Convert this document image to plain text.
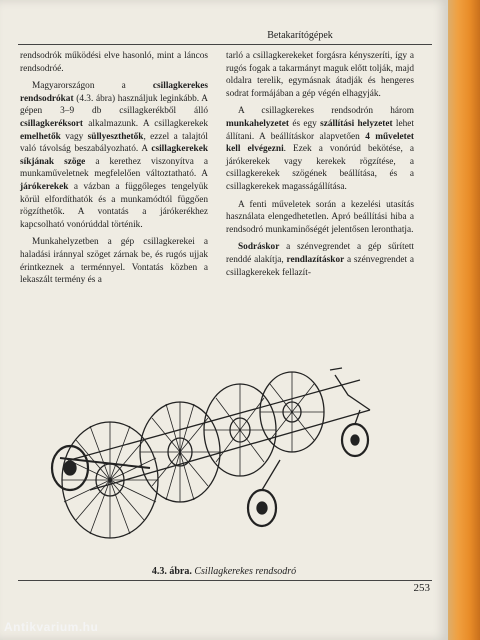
Betakarítógépek

rendsodrók működési elve hasonló, mint a láncos rendsodróé.

Magyarországon a csillagkerekes rendsodrókat (4.3. ábra) használjuk leginkább. A gépen 3–9 db csillagkerékből álló csillagkeréksort alkalmazunk. A csillagkerekek emelhetők vagy süllyeszthetők, ezzel a talajtól való távolság beszabályozható. A csillagkerekek síkjának szöge a kerethez viszonyítva a munkaműveletnek megfelelően változtatható. A járókerekek a vázban a függőleges tengelyük körül elfordíthatók és a munkamódtól függően rögzíthetők. A vontatás a járókerékhez kapcsolható vonórúddal történik.

Munkahelyzetben a gép csillagkerekei a haladási iránnyal szöget zárnak be, és rugós ujjak érintkeznek a terménnyel. Vontatás közben a lekaszált termény és a

tarló a csillagkerekeket forgásra kényszeríti, így a rugós fogak a takarmányt maguk előtt tolják, majd oldalra terelik, egymásnak átadják és hengeres sodrat formájában a gép végén elhagyják.

A csillagkerekes rendsodrón három munkahelyzetet és egy szállítási helyzetet lehet állítani. A beállításkor alapvetően 4 műveletet kell elvégezni. Ezek a vonórúd bekötése, a járókerekek vagy kerekek rögzítése, a csillagkerekek szögének beállítása, és a csillagkerekek magasságállítása.

A fenti műveletek során a kezelési utasítás használata elengedhetetlen. Apró beállítási hiba a rendsodró munkaminőségét jelentősen leronthatja.

Sodráskor a szénvegrendet a gép sűrített renddé alakítja, rendlazításkor a szénvegrendet a csillagkerekek fellazít-

4.3. ábra. Csillagkerekes rendsodró
253
Antikvarium.hu
